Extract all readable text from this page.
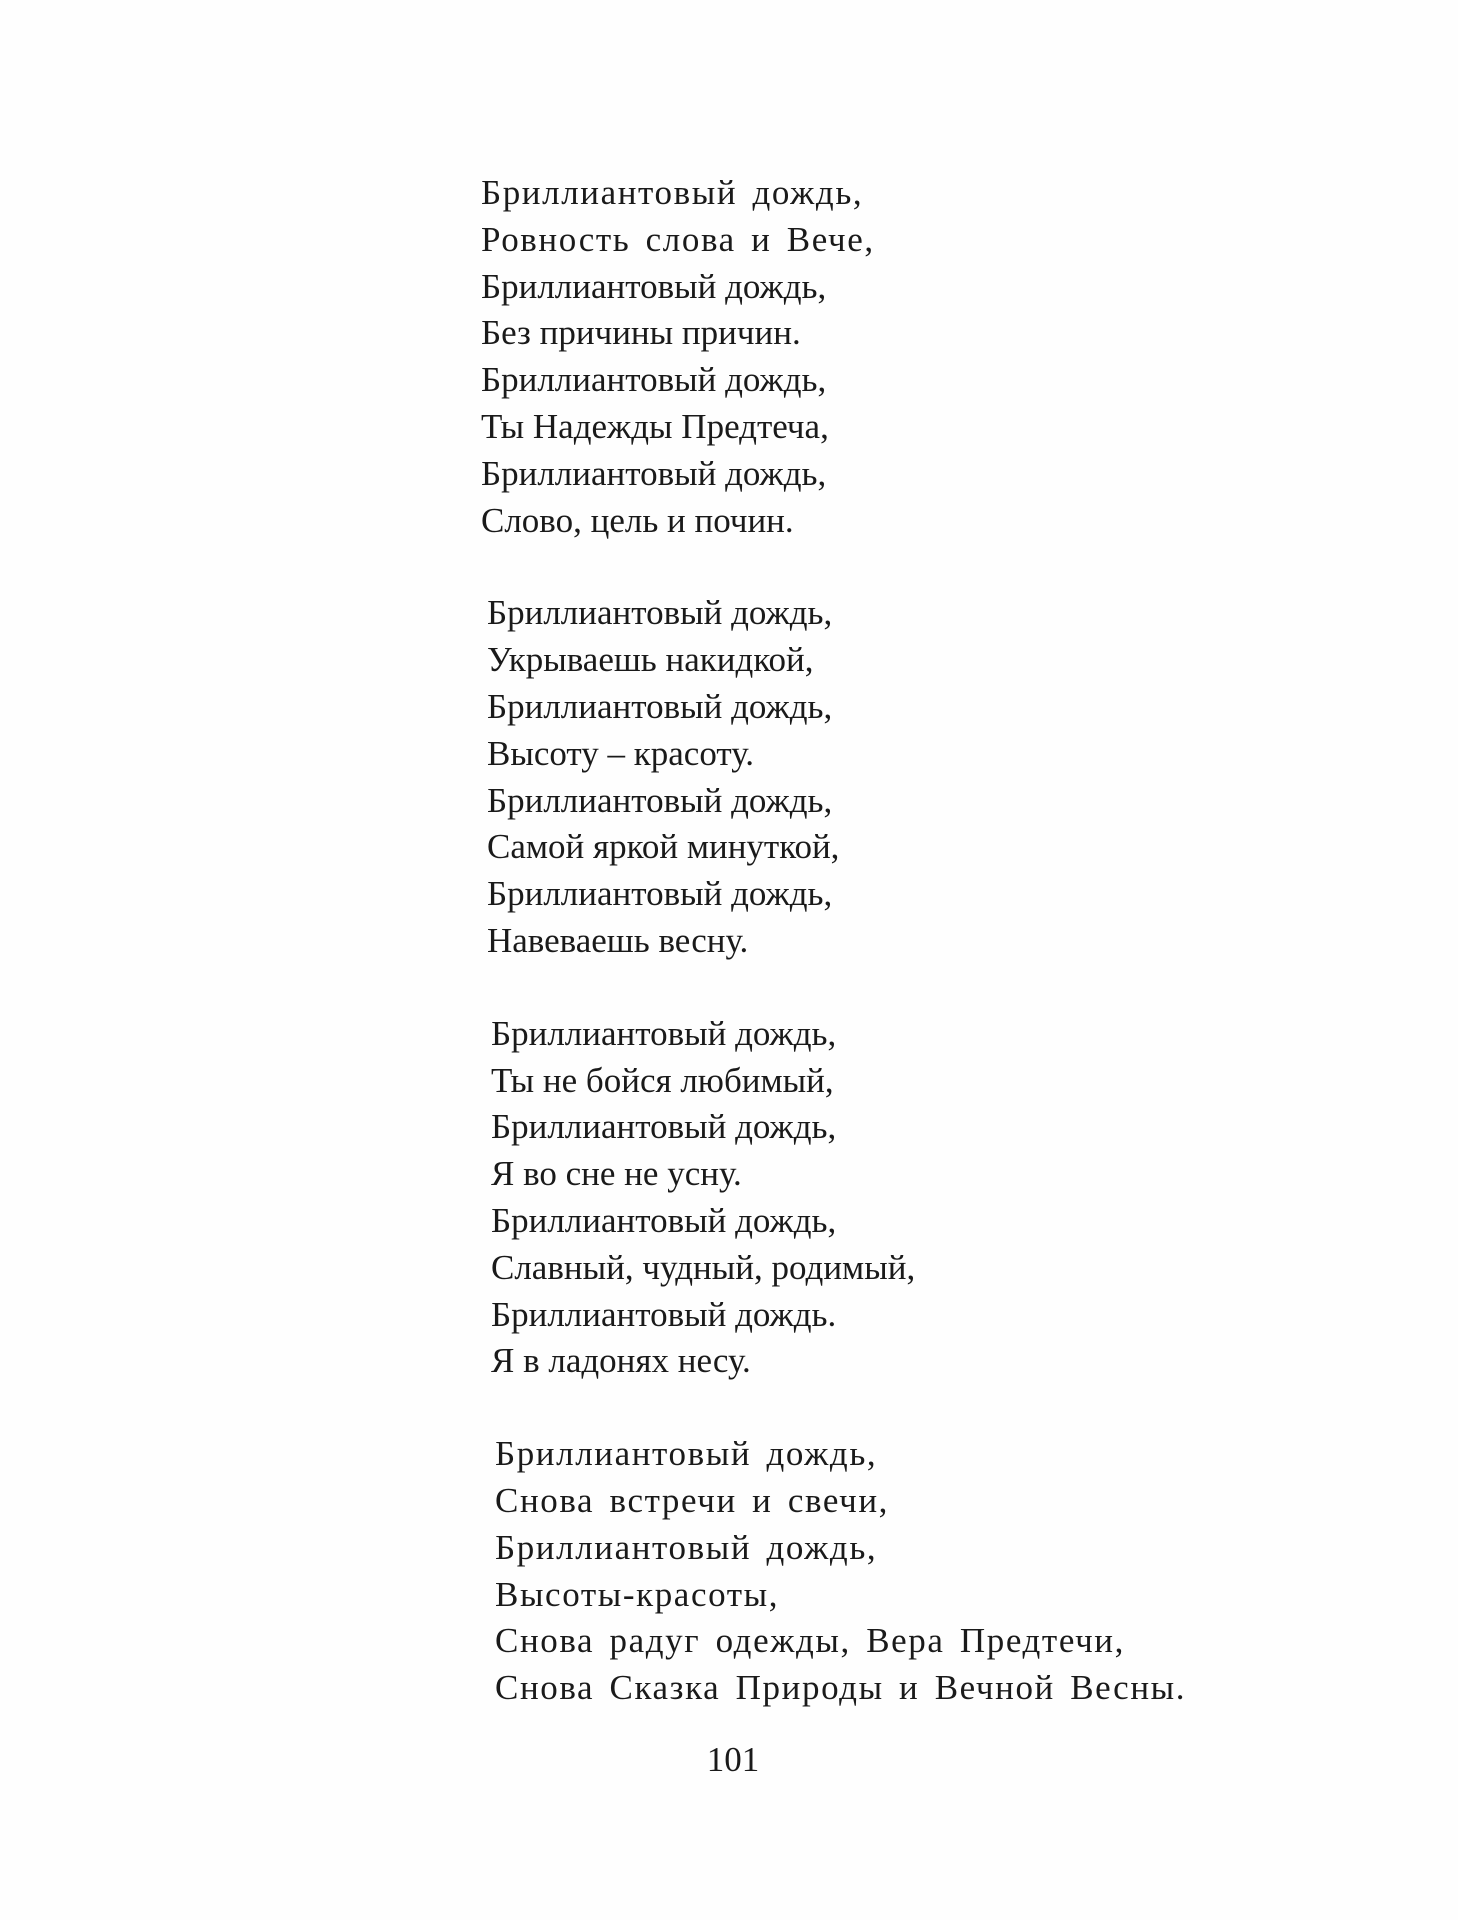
Бриллиантовый дождь,
Ровность слова и Вече,
Бриллиантовый дождь,
Без причины причин.
Бриллиантовый дождь,
Ты Надежды Предтеча,
Бриллиантовый дождь,
Слово, цель и почин.
Бриллиантовый дождь,
Укрываешь накидкой,
Бриллиантовый дождь,
Высоту – красоту.
Бриллиантовый дождь,
Самой яркой минуткой,
Бриллиантовый дождь,
Навеваешь весну.
Бриллиантовый дождь,
Ты не бойся любимый,
Бриллиантовый дождь,
Я во сне не усну.
Бриллиантовый дождь,
Славный, чудный, родимый,
Бриллиантовый дождь.
Я в ладонях несу.
Бриллиантовый дождь,
Снова встречи и свечи,
Бриллиантовый дождь,
Высоты-красоты,
Снова радуг одежды, Вера Предтечи,
Снова Сказка Природы и Вечной Весны.
101
